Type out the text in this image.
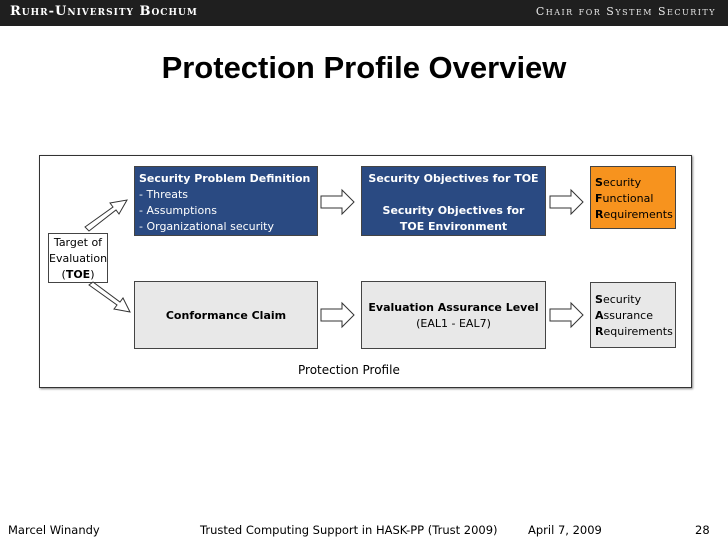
Ruhr-University Bochum	Chair for System Security
Protection Profile Overview
Security Problem Definition
- Threats
- Assumptions
- Organizational security policies
Security Objectives for TOE
Security Objectives for
TOE Environment
Security
Functional
Requirements
Target of
Evaluation
(TOE)
Conformance Claim
Evaluation Assurance Level
(EAL1 - EAL7)
Security
Assurance
Requirements
Protection Profile
Marcel Winandy	Trusted Computing Support in HASK-PP (Trust 2009)	April 7, 2009	28
